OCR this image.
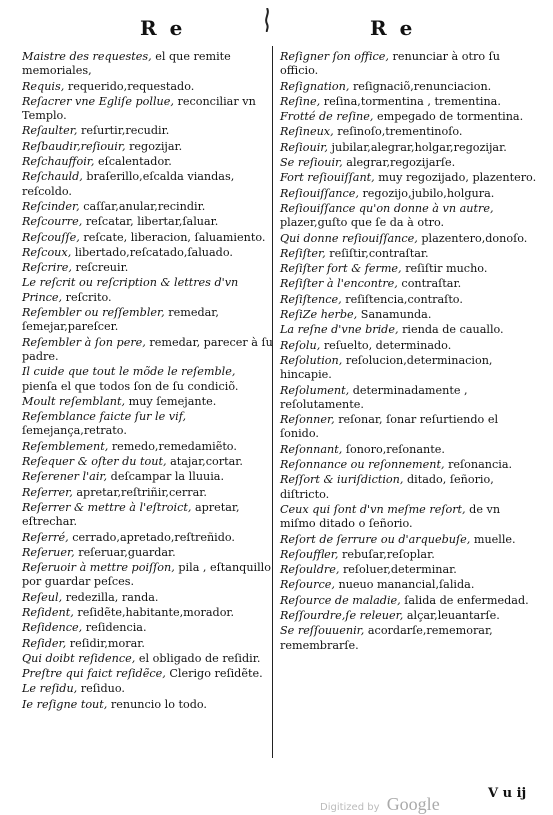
R e	R e
Maistre des requestes, el que remite memoriales,
Requis, requerido,requestado.
Reſacrer vne Egliſe pollue, reconciliar vn Templo.
Reſaulter, reſurtir,recudir.
Reſbaudir,reſiouir, regozijar.
Reſchauffoir, eſcalentador.
Reſchauld, braſerillo,eſcalda viandas, reſcoldo.
Reſcinder, caſſar,anular,recindir.
Reſcourre, reſcatar, libertar,ſaluar.
Reſcouſſe, reſcate, liberacion, ſaluamiento.
Reſcoux, libertado,reſcatado,ſaluado.
Reſcrire, reſcreuir.
Le reſcrit ou reſcription & lettres d'vn Prince, reſcrito.
Reſembler ou reſſembler, remedar, ſemejar,pareſcer.
Reſembler à ſon pere, remedar, parecer à ſu padre.
Il cuide que tout le mõde le reſemble, pienſa el que todos ſon de ſu condiciõ.
Moult reſemblant, muy ſemejante.
Reſemblance faicte ſur le vif, ſemejança,retrato.
Reſemblement, remedo,remedamiẽto.
Reſequer & oſter du tout, atajar,cortar.
Reſerener l'air, deſcampar la lluuia.
Reſerrer, apretar,reſtriñir,cerrar.
Reſerrer & mettre à l'eſtroict, apretar, eſtrechar.
Reſerré, cerrado,apretado,reſtreñido.
Reſeruer, reſeruar,guardar.
Reſeruoir à mettre poiſſon, pila , eſtanquillo por guardar peſces.
Reſeul, redezilla, randa.
Reſident, reſidẽte,habitante,morador.
Reſidence, reſidencia.
Reſider, reſidir,morar.
Qui doibt reſidence, el obligado de reſidir.
Preſtre qui faict reſidẽce, Clerigo reſidẽte.
Le reſidu, reſiduo.
Ie reſigne tout, renuncio lo todo.
Reſigner ſon office, renunciar à otro ſu officio.
Reſignation, reſignaciõ,renunciacion.
Reſine, reſina,tormentina , trementina.
Frotté de reſine, empegado de tormentina.
Reſineux, reſinoſo,trementinoſo.
Reſiouir, jubilar,alegrar,holgar,regozijar.
Se reſiouir, alegrar,regozijarſe.
Fort reſiouiſſant, muy regozijado, plazentero.
Reſiouiſſance, regozijo,jubilo,holgura.
Reſiouiſſance qu'on donne à vn autre, plazer,guſto que ſe da à otro.
Qui donne reſiouiſſance, plazentero,donoſo.
Reſiſter, reſiſtir,contraſtar.
Reſiſter fort & ferme, reſiſtir mucho.
Reſiſter à l'encontre, contraſtar.
Reſiſtence, reſiſtencia,contraſto.
ReſiZe herbe, Sanamunda.
La reſne d'vne bride, rienda de cauallo.
Reſolu, reſuelto, determinado.
Reſolution, reſolucion,determinacion, hincapie.
Reſolument, determinadamente , reſolutamente.
Reſonner, reſonar, ſonar reſurtiendo el ſonido.
Reſonnant, ſonoro,reſonante.
Reſonnance ou reſonnement, reſonancia.
Reſſort & iuriſdiction, ditado, ſeñorio, diſtricto.
Ceux qui ſont d'vn meſme reſort, de vn miſmo ditado o ſeñorio.
Reſort de ſerrure ou d'arquebuſe, muelle.
Reſouffler, rebuſar,reſoplar.
Reſouldre, reſoluer,determinar.
Reſource, nueuo manancial,ſalida.
Reſource de maladie, ſalida de enfermedad.
Reſſourdre,ſe releuer, alçar,leuantarſe.
Se reſſouuenir, acordarſe,rememorar, remembrarſe.
Digitized by Google
V u ij
